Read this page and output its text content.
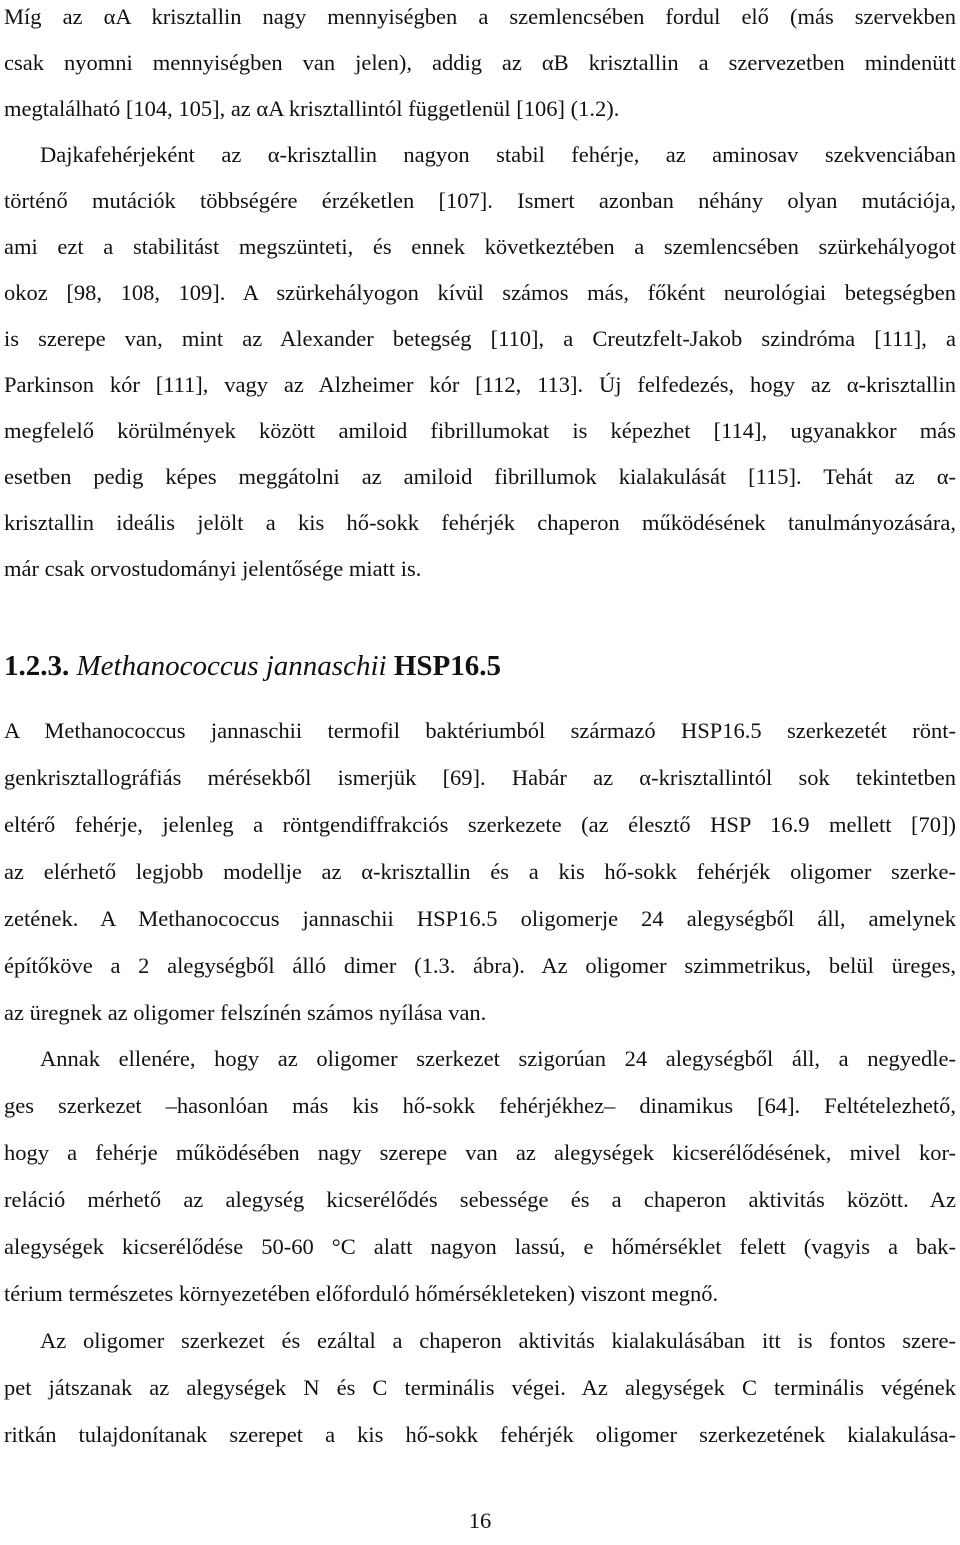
Míg az αA krisztallin nagy mennyiségben a szemlencsében fordul elő (más szervekben
csak nyomni mennyiségben van jelen), addig az αB krisztallin a szervezetben mindenütt
megtalálható [104, 105], az αA krisztallintól függetlenül [106] (1.2).
Dajkafehérjeként az α-krisztallin nagyon stabil fehérje, az aminosav szekvenciában
történő mutációk többségére érzéketlen [107]. Ismert azonban néhány olyan mutációja,
ami ezt a stabilitást megszünteti, és ennek következtében a szemlencsében szürkehályogot
okoz [98, 108, 109]. A szürkehályogon kívül számos más, főként neurológiai betegségben
is szerepe van, mint az Alexander betegség [110], a Creutzfelt-Jakob szindróma [111], a
Parkinson kór [111], vagy az Alzheimer kór [112, 113]. Új felfedezés, hogy az α-krisztallin
megfelelő körülmények között amiloid fibrillumokat is képezhet [114], ugyanakkor más
esetben pedig képes meggátolni az amiloid fibrillumok kialakulását [115]. Tehát az α-
krisztallin ideális jelölt a kis hő-sokk fehérjék chaperon működésének tanulmányozására,
már csak orvostudományi jelentősége miatt is.
1.2.3. Methanococcus jannaschii HSP16.5
A Methanococcus jannaschii termofil baktériumból származó HSP16.5 szerkezetét rönt-
genkrisztallográfiás mérésekből ismerjük [69]. Habár az α-krisztallintól sok tekintetben
eltérő fehérje, jelenleg a röntgendiffrakciós szerkezete (az élesztő HSP 16.9 mellett [70])
az elérhető legjobb modellje az α-krisztallin és a kis hő-sokk fehérjék oligomer szerke-
zetének. A Methanococcus jannaschii HSP16.5 oligomerje 24 alegységből áll, amelynek
építőköve a 2 alegységből álló dimer (1.3. ábra). Az oligomer szimmetrikus, belül üreges,
az üregnek az oligomer felszínén számos nyílása van.
Annak ellenére, hogy az oligomer szerkezet szigorúan 24 alegységből áll, a negyedle-
ges szerkezet –hasonlóan más kis hő-sokk fehérjékhez– dinamikus [64]. Feltételezhető,
hogy a fehérje működésében nagy szerepe van az alegységek kicserélődésének, mivel kor-
reláció mérhető az alegység kicserélődés sebessége és a chaperon aktivitás között. Az
alegységek kicserélődése 50-60 °C alatt nagyon lassú, e hőmérséklet felett (vagyis a bak-
térium természetes környezetében előforduló hőmérsékleteken) viszont megnő.
Az oligomer szerkezet és ezáltal a chaperon aktivitás kialakulásában itt is fontos szere-
pet játszanak az alegységek N és C terminális végei. Az alegységek C terminális végének
ritkán tulajdonítanak szerepet a kis hő-sokk fehérjék oligomer szerkezetének kialakulása-
16
